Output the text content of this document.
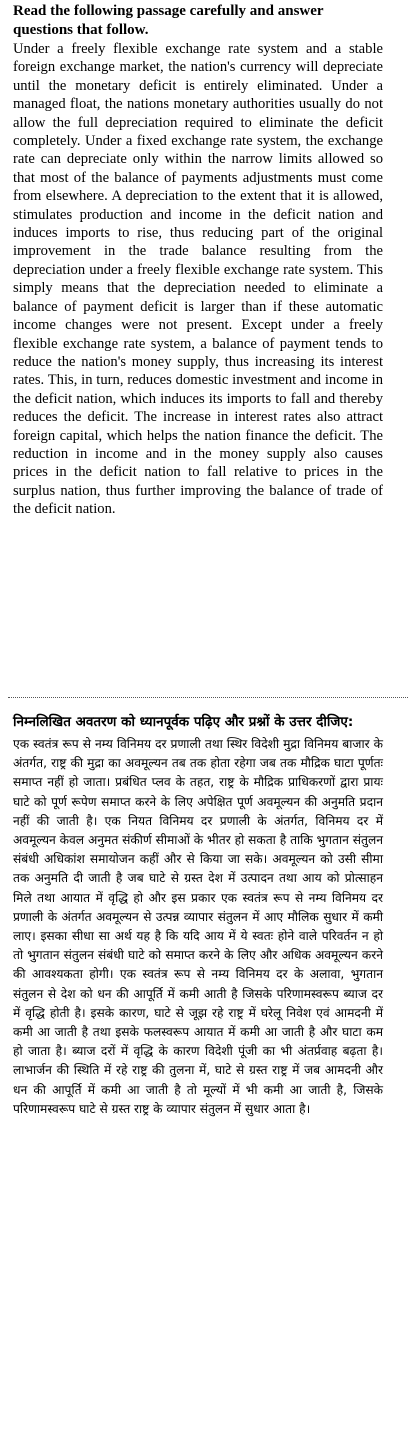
Read the following passage carefully and answer questions that follow.

Under a freely flexible exchange rate system and a stable foreign exchange market, the nation's currency will depreciate until the monetary deficit is entirely eliminated. Under a managed float, the nations monetary authorities usually do not allow the full depreciation required to eliminate the deficit completely. Under a fixed exchange rate system, the exchange rate can depreciate only within the narrow limits allowed so that most of the balance of payments adjustments must come from elsewhere. A depreciation to the extent that it is allowed, stimulates production and income in the deficit nation and induces imports to rise, thus reducing part of the original improvement in the trade balance resulting from the depreciation under a freely flexible exchange rate system. This simply means that the depreciation needed to eliminate a balance of payment deficit is larger than if these automatic income changes were not present. Except under a freely flexible exchange rate system, a balance of payment tends to reduce the nation's money supply, thus increasing its interest rates. This, in turn, reduces domestic investment and income in the deficit nation, which induces its imports to fall and thereby reduces the deficit. The increase in interest rates also attract foreign capital, which helps the nation finance the deficit. The reduction in income and in the money supply also causes prices in the deficit nation to fall relative to prices in the surplus nation, thus further improving the balance of trade of the deficit nation.

निम्नलिखित अवतरण को ध्यानपूर्वक पढ़िए और प्रश्नों के उत्तर दीजिए:

एक स्वतंत्र रूप से नम्य विनिमय दर प्रणाली तथा स्थिर विदेशी मुद्रा विनिमय बाजार के अंतर्गत, राष्ट्र की मुद्रा का अवमूल्यन तब तक होता रहेगा जब तक मौद्रिक घाटा पूर्णतः समाप्त नहीं हो जाता। प्रबंधित प्लव के तहत, राष्ट्र के मौद्रिक प्राधिकरणों द्वारा प्रायः घाटे को पूर्ण रूपेण समाप्त करने के लिए अपेक्षित पूर्ण अवमूल्यन की अनुमति प्रदान नहीं की जाती है। एक नियत विनिमय दर प्रणाली के अंतर्गत, विनिमय दर में अवमूल्यन केवल अनुमत संकीर्ण सीमाओं के भीतर हो सकता है ताकि भुगतान संतुलन संबंधी अधिकांश समायोजन कहीं और से किया जा सके। अवमूल्यन को उसी सीमा तक अनुमति दी जाती है जब घाटे से ग्रस्त देश में उत्पादन तथा आय को प्रोत्साहन मिले तथा आयात में वृद्धि हो और इस प्रकार एक स्वतंत्र रूप से नम्य विनिमय दर प्रणाली के अंतर्गत अवमूल्यन से उत्पन्न व्यापार संतुलन में आए मौलिक सुधार में कमी लाए। इसका सीधा सा अर्थ यह है कि यदि आय में ये स्वतः होने वाले परिवर्तन न हो तो भुगतान संतुलन संबंधी घाटे को समाप्त करने के लिए और अधिक अवमूल्यन करने की आवश्यकता होगी। एक स्वतंत्र रूप से नम्य विनिमय दर के अलावा, भुगतान संतुलन से देश को धन की आपूर्ति में कमी आती है जिसके परिणामस्वरूप ब्याज दर में वृद्धि होती है। इसके कारण, घाटे से जूझ रहे राष्ट्र में घरेलू निवेश एवं आमदनी में कमी आ जाती है तथा इसके फलस्वरूप आयात में कमी आ जाती है और घाटा कम हो जाता है। ब्याज दरों में वृद्धि के कारण विदेशी पूंजी का भी अंतर्प्रवाह बढ़ता है। लाभार्जन की स्थिति में रहे राष्ट्र की तुलना में, घाटे से ग्रस्त राष्ट्र में जब आमदनी और धन की आपूर्ति में कमी आ जाती है तो मूल्यों में भी कमी आ जाती है, जिसके परिणामस्वरूप घाटे से ग्रस्त राष्ट्र के व्यापार संतुलन में सुधार आता है।
